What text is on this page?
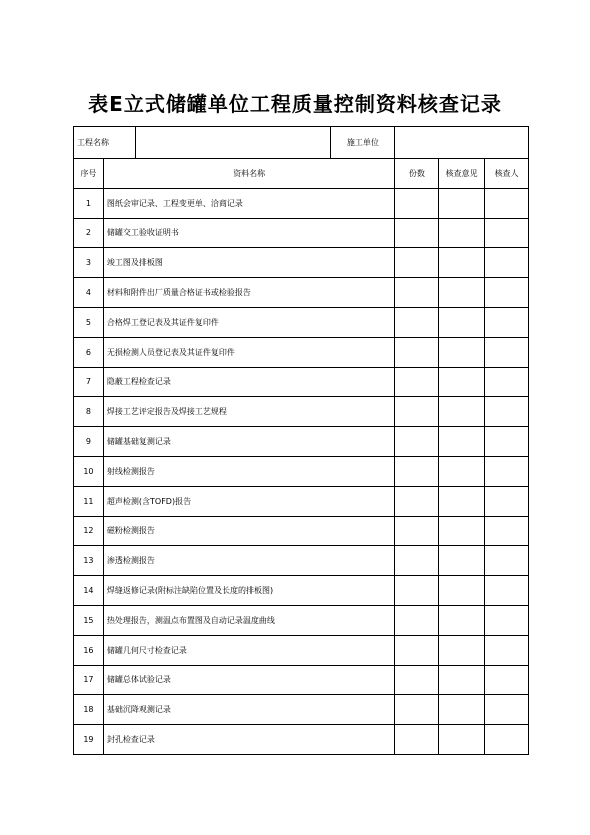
表E立式储罐单位工程质量控制资料核查记录
工程名称			施工单位			
序号	资料名称			份数	核查意见	核查人
1	图纸会审记录、工程变更单、洽商记录					
2	储罐交工验收证明书					
3	竣工图及排板图					
4	材料和附件出厂质量合格证书或检验报告					
5	合格焊工登记表及其证件复印件					
6	无损检测人员登记表及其证件复印件					
7	隐蔽工程检查记录					
8	焊接工艺评定报告及焊接工艺规程					
9	储罐基础复测记录					
10	射线检测报告					
11	超声检测(含TOFD)报告					
12	磁粉检测报告					
13	渗透检测报告					
14	焊缝返修记录(附标注缺陷位置及长度的排板图)					
15	热处理报告，测温点布置图及自动记录温度曲线					
16	储罐几何尺寸检查记录					
17	储罐总体试验记录					
18	基础沉降观测记录					
19	封孔检查记录					
